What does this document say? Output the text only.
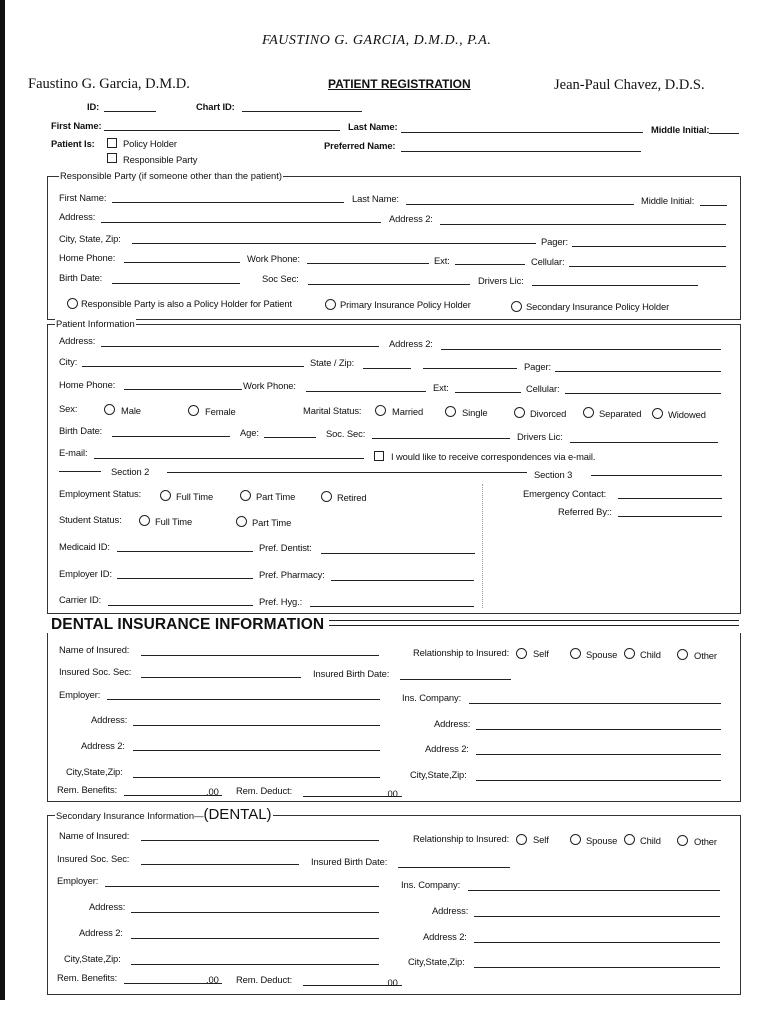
FAUSTINO G. GARCIA, D.M.D., P.A.
Faustino G. Garcia, D.M.D.	PATIENT REGISTRATION	Jean-Paul Chavez, D.D.S.
ID:	Chart ID:
First Name:	Last Name:	Middle Initial:
Patient Is:	Policy Holder
Responsible Party
Preferred Name:
Responsible Party (if someone other than the patient)
First Name:	Last Name:	Middle Initial:
Address:	Address 2:
City, State, Zip:	Pager:
Home Phone:	Work Phone:	Ext:	Cellular:
Birth Date:	Soc Sec:	Drivers Lic:
Responsible Party is also a Policy Holder for Patient	Primary Insurance Policy Holder	Secondary Insurance Policy Holder
Patient Information
Address:	Address 2:
City:	State / Zip:	Pager:
Home Phone:	Work Phone:	Ext:	Cellular:
Sex:	Male	Female	Marital Status:	Married	Single	Divorced	Separated	Widowed
Birth Date:	Age:	Soc. Sec:	Drivers Lic:
E-mail:	I would like to receive correspondences via e-mail.
Section 2	Section 3
Employment Status:	Full Time	Part Time	Retired	Emergency Contact:
Referred By::
Student Status:	Full Time	Part Time
Medicaid ID:	Pref. Dentist:
Employer ID:	Pref. Pharmacy:
Carrier ID:	Pref. Hyg.:
DENTAL INSURANCE INFORMATION
Name of Insured:	Relationship to Insured:	Self	Spouse Child	Other
Insured Soc. Sec:	Insured Birth Date:
Employer:	Ins. Company:
Address:	Address:
Address 2:	Address 2:
City,State,Zip:	City,State,Zip:
Rem. Benefits:	.00 Rem. Deduct:	.00
Secondary Insurance Information—(DENTAL)
Name of Insured:	Relationship to Insured:	Self	Spouse Child	Other
Insured Soc. Sec:	Insured Birth Date:
Employer:	Ins. Company:
Address:	Address:
Address 2:	Address 2:
City,State,Zip:	City,State,Zip:
Rem. Benefits:	.00 Rem. Deduct:	.00
